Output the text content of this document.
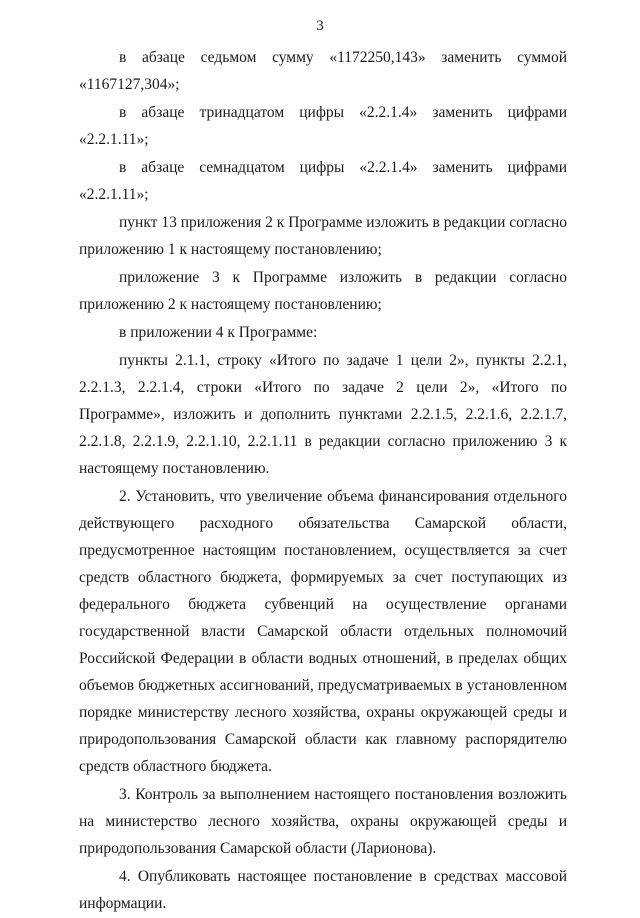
3

в абзаце седьмом сумму «1172250,143» заменить суммой «1167127,304»;

в абзаце тринадцатом цифры «2.2.1.4» заменить цифрами «2.2.1.11»;

в абзаце семнадцатом цифры «2.2.1.4» заменить цифрами «2.2.1.11»;

пункт 13 приложения 2 к Программе изложить в редакции согласно приложению 1 к настоящему постановлению;

приложение 3 к Программе изложить в редакции согласно приложению 2 к настоящему постановлению;

в приложении 4 к Программе:

пункты 2.1.1, строку «Итого по задаче 1 цели 2», пункты 2.2.1, 2.2.1.3, 2.2.1.4, строки «Итого по задаче 2 цели 2», «Итого по Программе», изложить и дополнить пунктами 2.2.1.5, 2.2.1.6, 2.2.1.7, 2.2.1.8, 2.2.1.9, 2.2.1.10, 2.2.1.11 в редакции согласно приложению 3 к настоящему постановлению.

2. Установить, что увеличение объема финансирования отдельного действующего расходного обязательства Самарской области, предусмотренное настоящим постановлением, осуществляется за счет средств областного бюджета, формируемых за счет поступающих из федерального бюджета субвенций на осуществление органами государственной власти Самарской области отдельных полномочий Российской Федерации в области водных отношений, в пределах общих объемов бюджетных ассигнований, предусматриваемых в установленном порядке министерству лесного хозяйства, охраны окружающей среды и природопользования Самарской области как главному распорядителю средств областного бюджета.

3. Контроль за выполнением настоящего постановления возложить на министерство лесного хозяйства, охраны окружающей среды и природопользования Самарской области (Ларионова).

4. Опубликовать настоящее постановление в средствах массовой информации.
